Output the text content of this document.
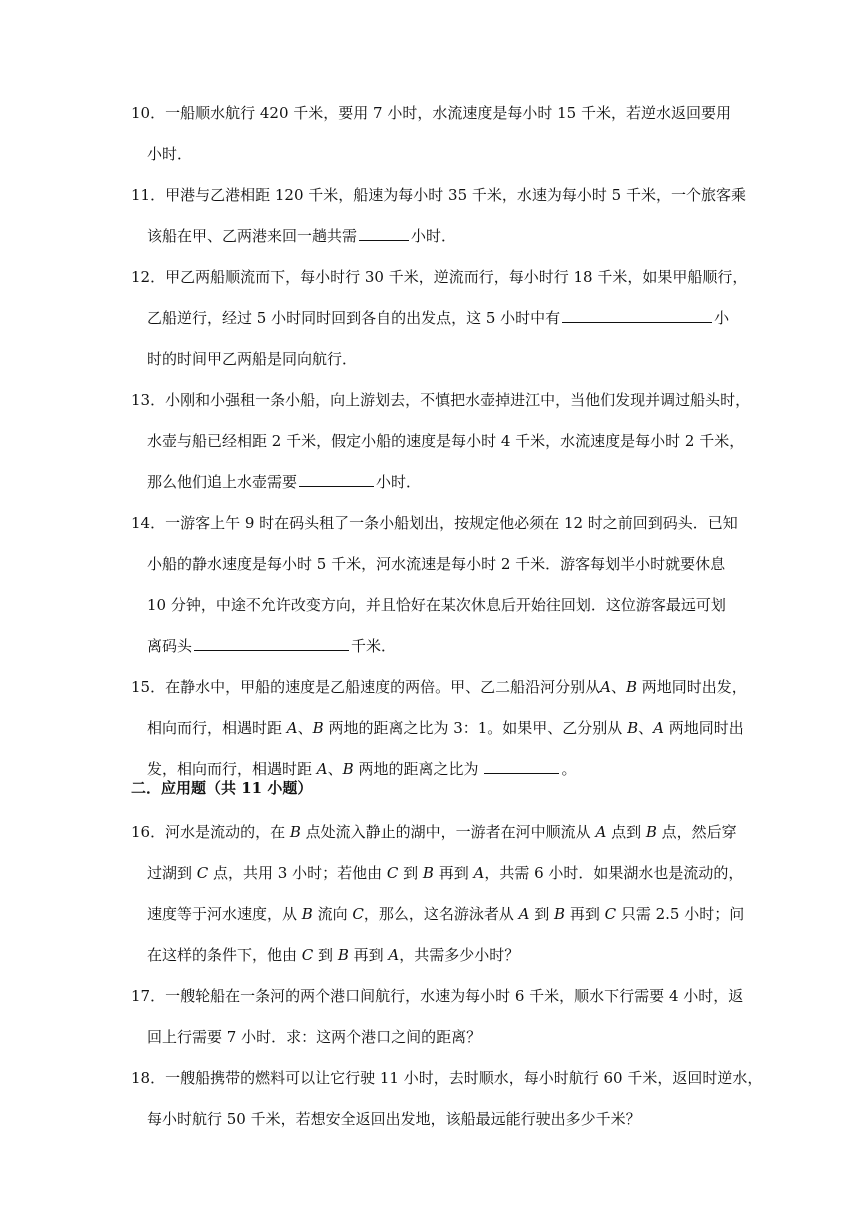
10．一船顺水航行 420 千米，要用 7 小时，水流速度是每小时 15 千米，若逆水返回要用

小时．

11．甲港与乙港相距 120 千米，船速为每小时 35 千米，水速为每小时 5 千米，一个旅客乘

该船在甲、乙两港来回一趟共需	小时．

12．甲乙两船顺流而下，每小时行 30 千米，逆流而行，每小时行 18 千米，如果甲船顺行，

乙船逆行，经过 5 小时同时回到各自的出发点，这 5 小时中有	小

时的时间甲乙两船是同向航行．

13．小刚和小强租一条小船，向上游划去，不慎把水壶掉进江中，当他们发现并调过船头时，

水壶与船已经相距 2 千米，假定小船的速度是每小时 4 千米，水流速度是每小时 2 千米，

那么他们追上水壶需要	小时．

14．一游客上午 9 时在码头租了一条小船划出，按规定他必须在 12 时之前回到码头．已知

小船的静水速度是每小时 5 千米，河水流速是每小时 2 千米．游客每划半小时就要休息

10 分钟，中途不允许改变方向，并且恰好在某次休息后开始往回划．这位游客最远可划

离码头	千米．

15．在静水中，甲船的速度是乙船速度的两倍。甲、乙二船沿河分别从A、B 两地同时出发，

相向而行，相遇时距 A、B 两地的距离之比为 3：1。如果甲、乙分别从 B、A 两地同时出

发，相向而行，相遇时距 A、B 两地的距离之比为	。

二．应用题（共 11 小题）

16．河水是流动的，在 B 点处流入静止的湖中，一游者在河中顺流从 A 点到 B 点，然后穿

过湖到 C 点，共用 3 小时；若他由 C 到 B 再到 A，共需 6 小时．如果湖水也是流动的，

速度等于河水速度，从 B 流向 C，那么，这名游泳者从 A 到 B 再到 C 只需 2.5 小时；问

在这样的条件下，他由 C 到 B 再到 A，共需多少小时？

17．一艘轮船在一条河的两个港口间航行，水速为每小时 6 千米，顺水下行需要 4 小时，返

回上行需要 7 小时．求：这两个港口之间的距离？

18．一艘船携带的燃料可以让它行驶 11 小时，去时顺水，每小时航行 60 千米，返回时逆水，

每小时航行 50 千米，若想安全返回出发地，该船最远能行驶出多少千米？
